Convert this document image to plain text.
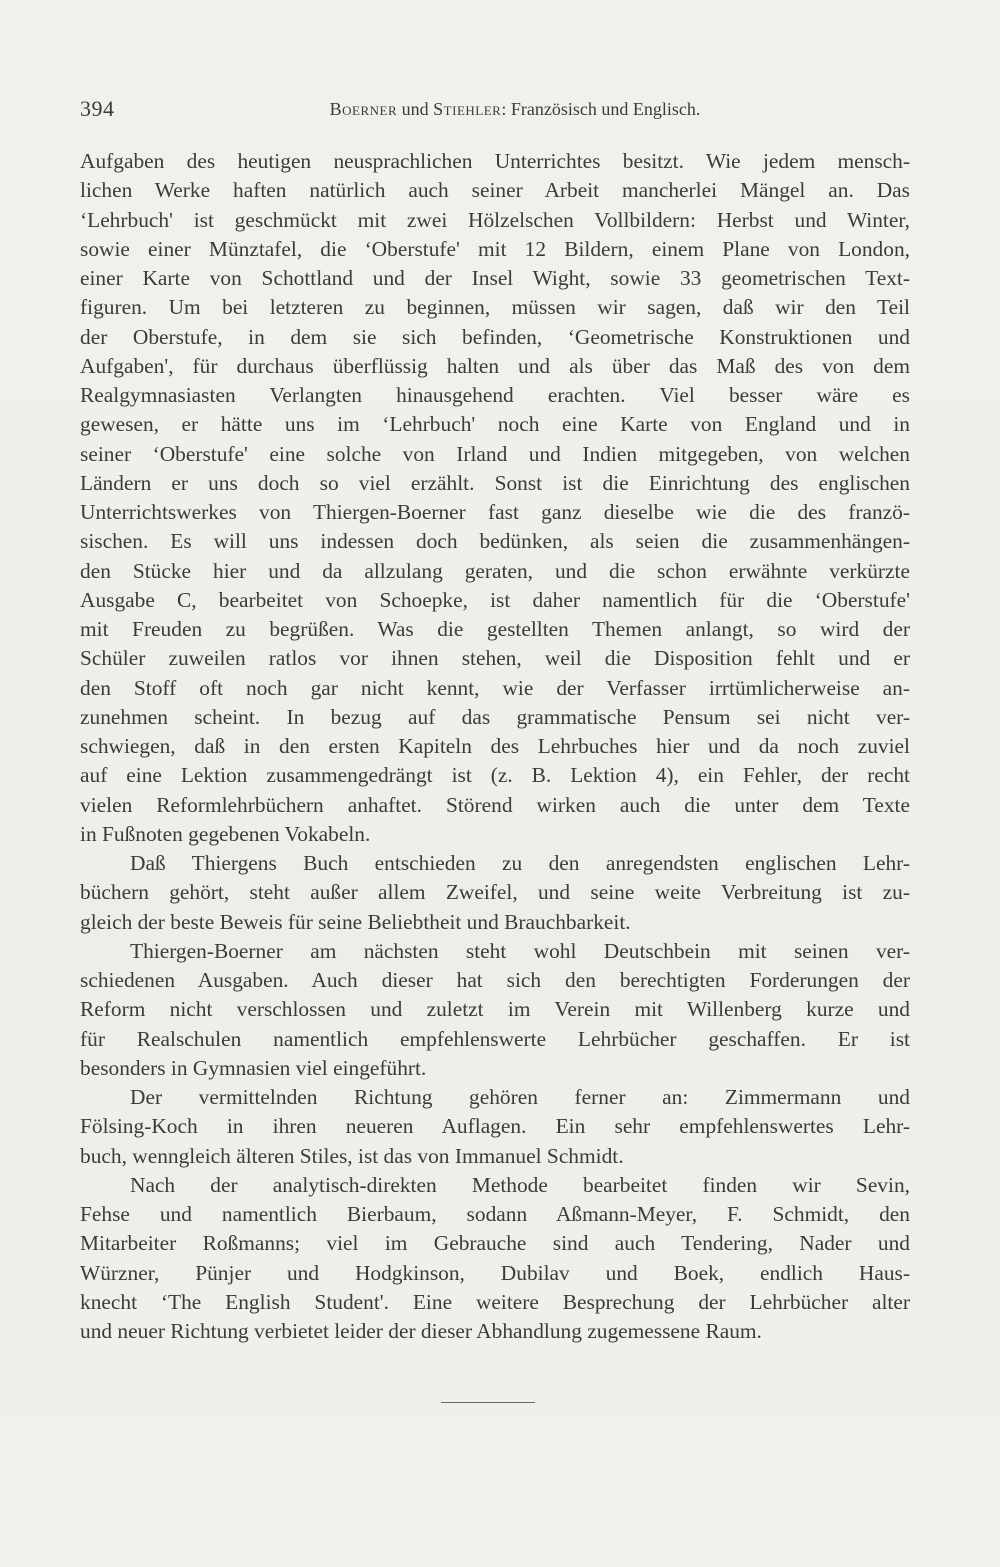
394	Boerner und Stiehler: Französisch und Englisch.
Aufgaben des heutigen neusprachlichen Unterrichtes besitzt. Wie jedem mensch-
lichen Werke haften natürlich auch seiner Arbeit mancherlei Mängel an. Das
ʻLehrbuch' ist geschmückt mit zwei Hölzelschen Vollbildern: Herbst und Winter,
sowie einer Münztafel, die ʻOberstufe' mit 12 Bildern, einem Plane von London,
einer Karte von Schottland und der Insel Wight, sowie 33 geometrischen Text-
figuren. Um bei letzteren zu beginnen, müssen wir sagen, daß wir den Teil
der Oberstufe, in dem sie sich befinden, ʻGeometrische Konstruktionen und
Aufgaben', für durchaus überflüssig halten und als über das Maß des von dem
Realgymnasiasten Verlangten hinausgehend erachten. Viel besser wäre es
gewesen, er hätte uns im ʻLehrbuch' noch eine Karte von England und in
seiner ʻOberstufe' eine solche von Irland und Indien mitgegeben, von welchen
Ländern er uns doch so viel erzählt. Sonst ist die Einrichtung des englischen
Unterrichtswerkes von Thiergen-Boerner fast ganz dieselbe wie die des franzö-
sischen. Es will uns indessen doch bedünken, als seien die zusammenhängen-
den Stücke hier und da allzulang geraten, und die schon erwähnte verkürzte
Ausgabe C, bearbeitet von Schoepke, ist daher namentlich für die ʻOberstufe'
mit Freuden zu begrüßen. Was die gestellten Themen anlangt, so wird der
Schüler zuweilen ratlos vor ihnen stehen, weil die Disposition fehlt und er
den Stoff oft noch gar nicht kennt, wie der Verfasser irrtümlicherweise an-
zunehmen scheint. In bezug auf das grammatische Pensum sei nicht ver-
schwiegen, daß in den ersten Kapiteln des Lehrbuches hier und da noch zuviel
auf eine Lektion zusammengedrängt ist (z. B. Lektion 4), ein Fehler, der recht
vielen Reformlehrbüchern anhaftet. Störend wirken auch die unter dem Texte
in Fußnoten gegebenen Vokabeln.
Daß Thiergens Buch entschieden zu den anregendsten englischen Lehr-
büchern gehört, steht außer allem Zweifel, und seine weite Verbreitung ist zu-
gleich der beste Beweis für seine Beliebtheit und Brauchbarkeit.
Thiergen-Boerner am nächsten steht wohl Deutschbein mit seinen ver-
schiedenen Ausgaben. Auch dieser hat sich den berechtigten Forderungen der
Reform nicht verschlossen und zuletzt im Verein mit Willenberg kurze und
für Realschulen namentlich empfehlenswerte Lehrbücher geschaffen. Er ist
besonders in Gymnasien viel eingeführt.
Der vermittelnden Richtung gehören ferner an: Zimmermann und
Fölsing-Koch in ihren neueren Auflagen. Ein sehr empfehlenswertes Lehr-
buch, wenngleich älteren Stiles, ist das von Immanuel Schmidt.
Nach der analytisch-direkten Methode bearbeitet finden wir Sevin,
Fehse und namentlich Bierbaum, sodann Aßmann-Meyer, F. Schmidt, den
Mitarbeiter Roßmanns; viel im Gebrauche sind auch Tendering, Nader und
Würzner, Pünjer und Hodgkinson, Dubilav und Boek, endlich Haus-
knecht ʻThe English Student'. Eine weitere Besprechung der Lehrbücher alter
und neuer Richtung verbietet leider der dieser Abhandlung zugemessene Raum.
